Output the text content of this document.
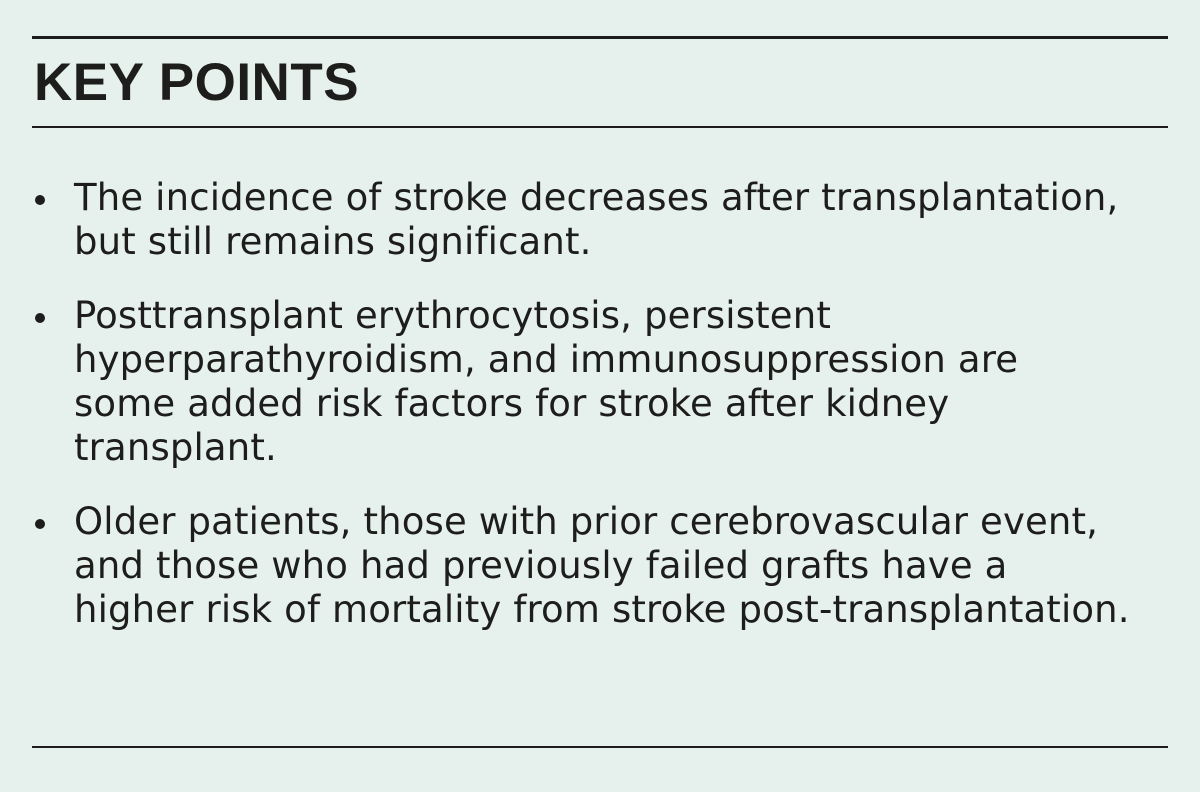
KEY POINTS
The incidence of stroke decreases after transplantation,
but still remains significant.
Posttransplant erythrocytosis, persistent
hyperparathyroidism, and immunosuppression are
some added risk factors for stroke after kidney
transplant.
Older patients, those with prior cerebrovascular event,
and those who had previously failed grafts have a
higher risk of mortality from stroke post-transplantation.
